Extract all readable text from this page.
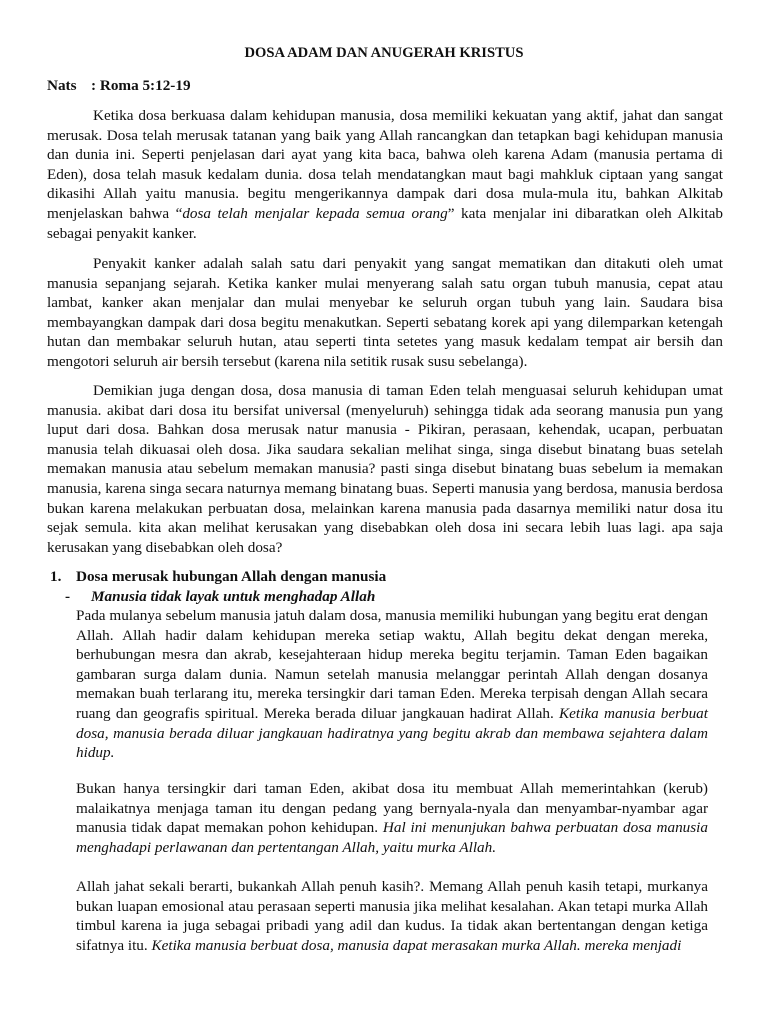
DOSA ADAM DAN ANUGERAH KRISTUS
Nats : Roma 5:12-19

Ketika dosa berkuasa dalam kehidupan manusia, dosa memiliki kekuatan yang aktif, jahat dan sangat merusak. Dosa telah merusak tatanan yang baik yang Allah rancangkan dan tetapkan bagi kehidupan manusia dan dunia ini. Seperti penjelasan dari ayat yang kita baca, bahwa oleh karena Adam (manusia pertama di Eden), dosa telah masuk kedalam dunia. dosa telah mendatangkan maut bagi mahkluk ciptaan yang sangat dikasihi Allah yaitu manusia. begitu mengerikannya dampak dari dosa mula-mula itu, bahkan Alkitab menjelaskan bahwa “dosa telah menjalar kepada semua orang” kata menjalar ini dibaratkan oleh Alkitab sebagai penyakit kanker.

Penyakit kanker adalah salah satu dari penyakit yang sangat mematikan dan ditakuti oleh umat manusia sepanjang sejarah. Ketika kanker mulai menyerang salah satu organ tubuh manusia, cepat atau lambat, kanker akan menjalar dan mulai menyebar ke seluruh organ tubuh yang lain. Saudara bisa membayangkan dampak dari dosa begitu menakutkan. Seperti sebatang korek api yang dilemparkan ketengah hutan dan membakar seluruh hutan, atau seperti tinta setetes yang masuk kedalam tempat air bersih dan mengotori seluruh air bersih tersebut (karena nila setitik rusak susu sebelanga).

Demikian juga dengan dosa, dosa manusia di taman Eden telah menguasai seluruh kehidupan umat manusia. akibat dari dosa itu bersifat universal (menyeluruh) sehingga tidak ada seorang manusia pun yang luput dari dosa. Bahkan dosa merusak natur manusia - Pikiran, perasaan, kehendak, ucapan, perbuatan manusia telah dikuasai oleh dosa. Jika saudara sekalian melihat singa, singa disebut binatang buas setelah memakan manusia atau sebelum memakan manusia? pasti singa disebut binatang buas sebelum ia memakan manusia, karena singa secara naturnya memang binatang buas. Seperti manusia yang berdosa, manusia berdosa bukan karena melakukan perbuatan dosa, melainkan karena manusia pada dasarnya memiliki natur dosa itu sejak semula. kita akan melihat kerusakan yang disebabkan oleh dosa ini secara lebih luas lagi. apa saja kerusakan yang disebabkan oleh dosa?

1. Dosa merusak hubungan Allah dengan manusia
- Manusia tidak layak untuk menghadap Allah

Pada mulanya sebelum manusia jatuh dalam dosa, manusia memiliki hubungan yang begitu erat dengan Allah. Allah hadir dalam kehidupan mereka setiap waktu, Allah begitu dekat dengan mereka, berhubungan mesra dan akrab, kesejahteraan hidup mereka begitu terjamin. Taman Eden bagaikan gambaran surga dalam dunia. Namun setelah manusia melanggar perintah Allah dengan dosanya memakan buah terlarang itu, mereka tersingkir dari taman Eden. Mereka terpisah dengan Allah secara ruang dan geografis spiritual. Mereka berada diluar jangkauan hadirat Allah. Ketika manusia berbuat dosa, manusia berada diluar jangkauan hadiratnya yang begitu akrab dan membawa sejahtera dalam hidup.

Bukan hanya tersingkir dari taman Eden, akibat dosa itu membuat Allah memerintahkan (kerub) malaikatnya menjaga taman itu dengan pedang yang bernyala-nyala dan menyambar-nyambar agar manusia tidak dapat memakan pohon kehidupan. Hal ini menunjukan bahwa perbuatan dosa manusia menghadapi perlawanan dan pertentangan Allah, yaitu murka Allah.

Allah jahat sekali berarti, bukankah Allah penuh kasih?. Memang Allah penuh kasih tetapi, murkanya bukan luapan emosional atau perasaan seperti manusia jika melihat kesalahan. Akan tetapi murka Allah timbul karena ia juga sebagai pribadi yang adil dan kudus. Ia tidak akan bertentangan dengan ketiga sifatnya itu. Ketika manusia berbuat dosa, manusia dapat merasakan murka Allah. mereka menjadi
